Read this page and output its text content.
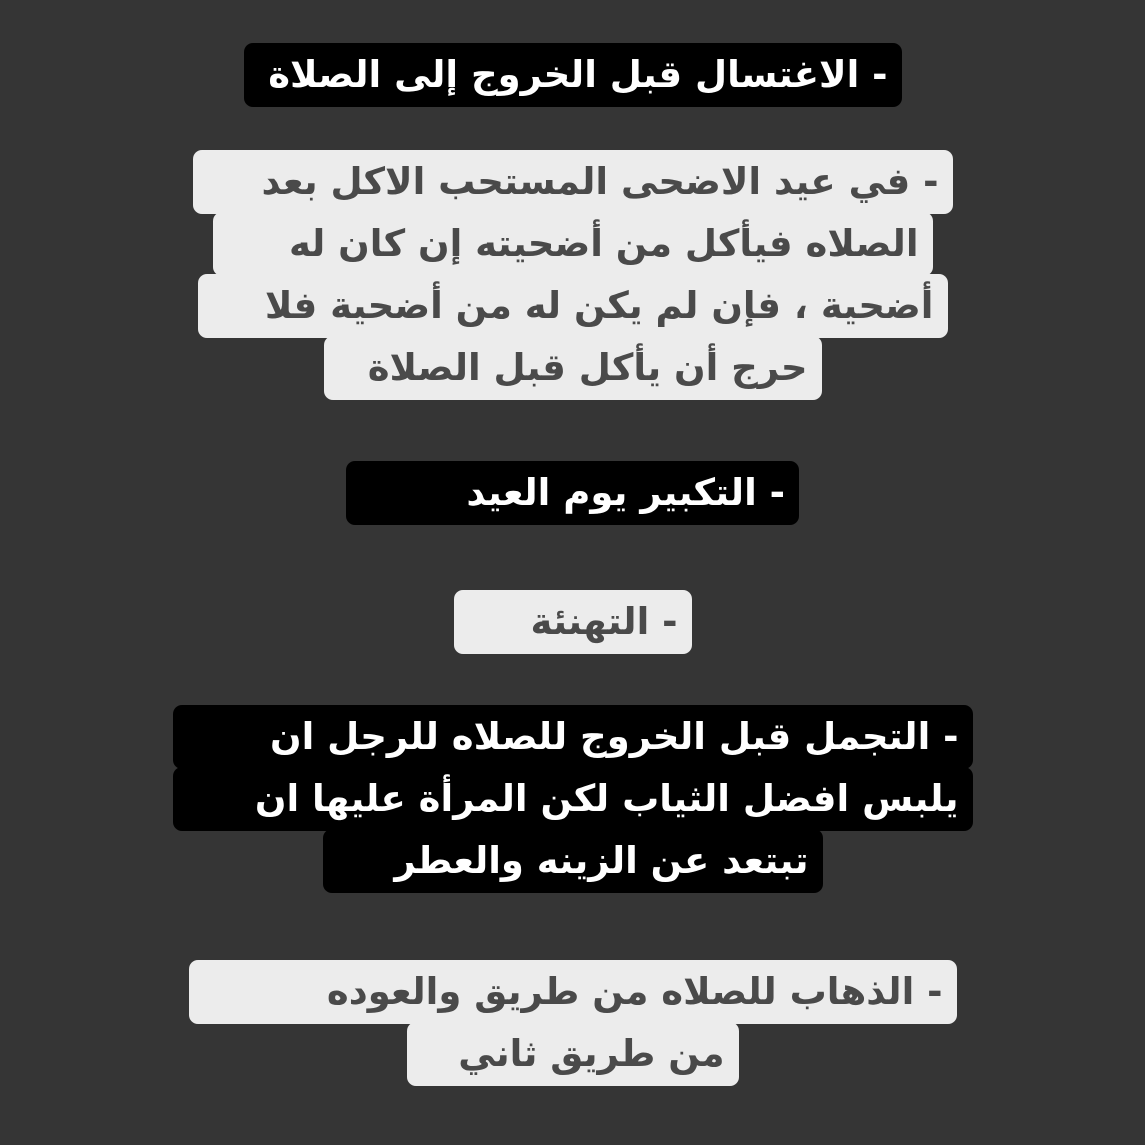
- الاغتسال قبل الخروج إلى الصلاة
- في عيد الاضحى المستحب الاكل بعد
الصلاه فيأكل من أضحيته إن كان له
أضحية ، فإن لم يكن له من أضحية فلا
حرج أن يأكل قبل الصلاة
- التكبير يوم العيد
- التهنئة
- التجمل قبل الخروج للصلاه للرجل ان
يلبس افضل الثياب لكن المرأة عليها ان
تبتعد عن الزينه والعطر
- الذهاب للصلاه من طريق والعوده
من طريق ثاني
